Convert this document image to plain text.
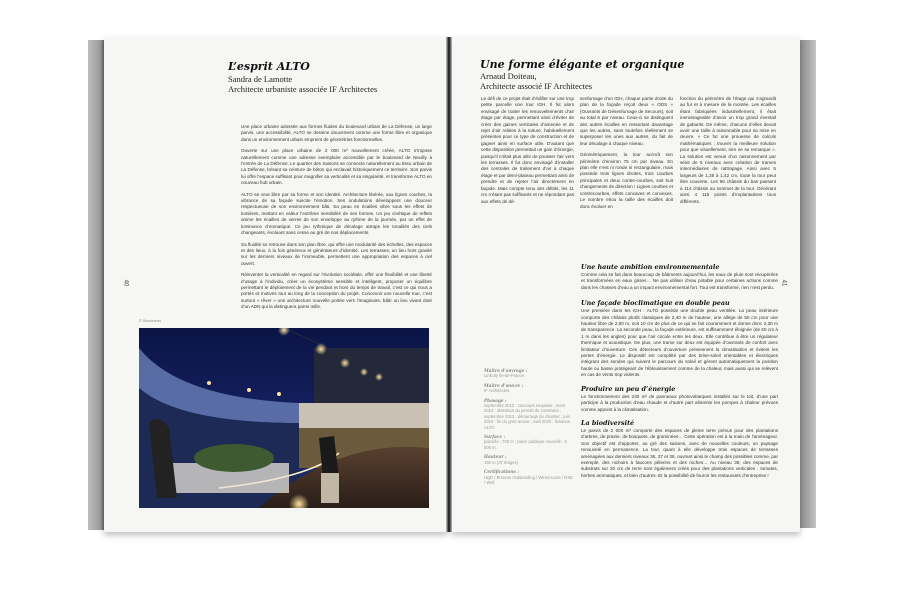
L’esprit ALTO
Sandra de Lamotte
Architecte urbaniste associée IF Architectes

Une place urbaine adossée aux formes fluides du boulevard urbain de La Défense, un large parvis, une accessibilité, ALTO se dessine doucement comme une forme libre et organique dans un environnement urbain empreint de géométries fonctionnelles.

Ouverte sur une place urbaine de 2 000 m² nouvellement créée, ALTO s’impose naturellement comme une adresse exemplaire accessible par le boulevard de Neuilly à l’entrée de La Défense. Le quartier des Saisons se connecte naturellement au tissu urbain de La Défense, brisant sa ceinture de béton qui enclavait historiquement ce territoire. Son parvis lui offre l’espace suffisant pour magnifier sa verticalité et sa singularité, et transforme ALTO en nouveau hub urbain.

ALTO se veut libre par sa forme et son identité. Architecture libérée, aux lignes courbes, la vibrance de sa façade suscite l’émotion. Ses ondulations développent une douceur respectueuse de son environnement bâti. Sa peau en écailles vibre sous les effets de lumières, mettant en valeur l’extrême sensibilité de ses formes. Un jeu cinétique de reflets anime les écailles de verres de son enveloppe au rythme de la journée, par un effet de luminance chromatique. Ce jeu rythmique de décalage attrape les tonalités des ciels changeants, évoluant sans cesse au gré de nos déplacements.

Sa fluidité se retrouve dans son plan libre, qui offre une modularité des échelles, des espaces et des lieux, à la fois généreux et générateurs d’identité. Les terrasses, un lieu hors gravité sur les derniers niveaux de l’immeuble, permettent une appropriation des espaces à ciel ouvert.

Réinventer la verticalité en regard sur l’évolution sociétale, offrir une flexibilité et une liberté d’usage à l’individu, créer un écosystème sensible et intelligent, proposer un équilibre permettant le déploiement de la vie pendant et hors du temps de travail, c’est ce qui nous a portés et motivés tout au long de la conception du projet. Concevoir une nouvelle tour, c’est surtout « rêver » une architecture nouvelle portée vers l’imaginaire, bâtir un lieu vivant doté d’un ADN qui la distinguera parmi mille.

40
© Illuminens
Une forme élégante et organique
Arnaud Doiteau,
Architecte associé IF Architectes

Le défi de ce projet était d’édifier sur une trop petite parcelle une tour IGH. Il fut alors envisagé de traiter les renouvellements d’air étage par étage, permettant ainsi d’éviter de créer des gaines verticales d’amenée et de rejet d’air reliées à la toiture, habituellement présentes pour ce type de construction et de gagner ainsi en surface utile. D’autant que cette disposition permettait un gain d’énergie, puisqu’il n’était plus utile de pousser l’air vers les terrasses. Il fut donc envisagé d’installer des centrales de traitement d’air à chaque étage et par demi-plateau permettant ainsi de prendre et de rejeter l’air directement en façade. Mais compte tenu des débits, les 11 cm n’étant pas suffisants et ne répondant pas aux effets de dé-

senfumage d’un IGH, chaque partie droite du plan de la façade reçoit deux « ODS » (Ouvrants de Désenfumage de Secours), soit au total 6 par niveau. Ceux-ci se distinguent des autres écailles en ressortant davantage que les autres, sans toutefois réellement se superposer les unes aux autres, du fait de leur décalage à chaque niveau.

Géométriquement, la tour accroît son périmètre d’environ 75 cm par niveau. En plan elle n’est ni ronde ni rectangulaire, mais possède trois lignes droites, trois courbes principales et deux contre-courbes, soit huit changements de direction ! Lignes courbes et contrecourbes, effets concaves et convexes. Le nombre et/ou la taille des écailles doit donc évoluer en

fonction du périmètre de l’étage qui s’agrandit au fur et à mesure de la montée. Les écailles étant fabriquées industriellement, il était inenvisageable d’avoir un trop grand éventail de gabarits. De même, chacune d’elles devait avoir une taille à raisonnable pour sa mise en œuvre. « Ce fut une prouesse de calculs mathématiques : trouver la meilleure solution pour que visuellement, rien ne se remarque ». La solution est venue d’un raisonnement par série de 5 niveaux avec création de trames intermédiaires de rattrapage. Ainsi avec 5 largeurs de 1,38 à 1,42 cm, toute la tour peut être couverte. Les 96 châssis du bas passent à 114 châssis au sommet de la tour. Générant ainsi 4 115 points d’implantations tous différents.

Une haute ambition environnementale

Comme cela se fait dans beaucoup de bâtiments aujourd’hui, les eaux de pluie sont récupérées et transformées en eaux grises… Ne pas utiliser d’eau potable pour certaines actions comme dans les chasses d’eau a un impact environnemental fort. Tout est transformé, rien n’est perdu.

Une façade bioclimatique en double peau

Une première dans les IGH : ALTO possède une double peau ventilée. La peau intérieure comporte des châssis plutôt classiques de 2,40 m de hauteur, une allège de 50 cm pour une hauteur libre de 2,80 m, soit 10 cm de plus de ce qui se fait couramment et donne donc 2,30 m de transparence. La seconde peau, la façade extérieure, est suffisamment éloignée (de 60 cm à 1 m dans les angles) pour que l’air circule entre les deux. Elle contribue à être un régulateur thermique et acoustique. De plus, une trame sur deux est équipée d’ouvrants de confort avec limitateur d’ouverture. Ces détecteurs d’ouverture préviennent la climatisation et évitent les pertes d’énergie. Le dispositif est complété par des brise-soleil orientables et électriques intégrant des sondes qui suivent le parcours du soleil et gèrent automatiquement la position haute ou basse protégeant de l’éblouissement comme de la chaleur, mais aussi qui se relèvent en cas de vents trop violents.

Produire un peu d’énergie

Le fonctionnement des 230 m² de panneaux photovoltaïques installés sur le toit, d’une part participe à la production d’eau chaude et d’autre part alimente les pompes à chaleur prévues comme appoint à la climatisation.

La biodiversité

Le parvis de 2 000 m² comporte des espaces de pleine terre prévus pour des plantations d’arbres, de prairie, de bosquets, de graminées… Cette opération est à la main de l’aménageur. Son objectif est d’apporter, au gré des saisons, avec de nouvelles couleurs, un paysage renouvelé en permanence. La tour, quant à elle développe trois espaces de terrasses aménagées aux derniers niveaux 36, 37 et 38, ouvrant ainsi le champ des possibles comme, par exemple, des nichoirs à faucons pèlerins et des ruches… Au niveau 38, des espaces de substrats sur 20 cm de terre sont également créés pour des plantations verticales : tomates, herbes aromatiques, et bien d’autres. Et la possibilité de fournir les restaurants d’entreprise !

41
Maître d’ouvrage :
Linkcity Île-de-France
Maître d’œuvre :
IF Architectes
Phasage :
septembre 2012 : concours esquisse ; mars 2013 : obtention du permis de construire ; septembre 2013 : démarrage du chantier ; juin 2019 : fin du gros œuvre ; avril 2020 : livraison ALTO
Surface :
parcelle : 700 m ; place publique nouvelle : 2 000 m.
Hauteur :
150 m (37 étages)
Certifications :
HQE / Breeam Outstanding / Wired score / RSE / Well
